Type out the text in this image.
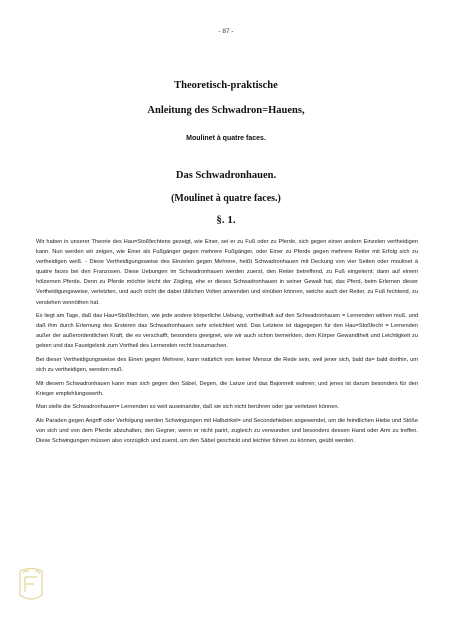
- 87 -
Theoretisch-praktische
Anleitung des Schwadron=Hauens,
Moulinet à quatre faces.
Das Schwadronhauen.
(Moulinet à quatre faces.)
§. 1.

Wir haben in unserer Theorie des Hau=Stoßfechtens gezeigt, wie Einer, sei er zu Fuß oder zu Pferde, sich gegen einen andern Einzelen vertheidigen kann. Nun werden wir zeigen, wie Einer als Fußgänger gegen mehrere Fußgänger, oder Einer zu Pferde gegen mehrere Reiter mit Erfolg sich zu vertheidigen weiß. - Diese Vertheidigungsweise des Einzelen gegen Mehrere, heißt Schwadronhauen mit Deckung von vier Seiten oder moulinet à quatre faces bei den Franzosen. Diese Uebungen im Schwadronhauen werden zuerst, den Reiter betreffend, zu Fuß eingelernt; dann auf einem hölzernen Pferde. Denn zu Pferde möchte leicht der Zögling, ehe er dieses Schwadronhauen in seiner Gewalt hat, das Pferd, beim Erlernen dieser Vertheidigungsweise, verletzten, und auch nicht die dabei üblichen Volten anwenden und einüben können, welche auch der Reiter, zu Fuß fechtend, zu verstehen vonnöthen hat.

Es liegt am Tage, daß das Hau=Stoßfechten, wie jede andere körperliche Uebung, vortheilhaft auf den Schwadronhauen = Lernenden wirken muß, und daß ihm durch Erlernung des Ersteren das Schwadronhauen sehr erleichtert wird. Das Letztere ist dagegegen für den Hau=Stoßfecht = Lernenden außer der außerordentlichen Kraft, die es verschafft, besonders geeignet, wie wir auch schon bemerkten, dem Körper Gewandtheit und Leichtigkeit zu geben und das Faustgelenk zum Vortheil des Lernenden recht loszumachen.

Bei dieser Vertheidigungsweise des Einen gegen Mehrere, kann natürlich von keiner Mensur die Rede sein, weil jener sich, bald da= bald dorthin, um sich zu vertheidigen, wenden muß.

Mit diesem Schwadronhauen kann man sich gegen den Säbel, Degen, die Lanze und das Bajonnett wahren; und jenes ist darum besonders für den Krieger empfehlungswerth.

Man stelle die Schwadronhauen= Lernenden so weit auseinander, daß sie sich nicht berühren oder gar verletzen können.

Als Paraden gegen Angriff oder Verfolgung werden Schwingungen mit Halbzirkel= und Secondehieben angewendet, um die feindlichen Hiebe und Stöße von sich und von dem Pferde abzuhalten, den Gegner, wenn er nicht parirt, zugleich zu verwunden und besonders dessen Hand oder Arm zu treffen. Diese Schwingungen müssen also vorzüglich und zuerst, um den Säbel geschickt und leichter führen zu können, geübt werden.
